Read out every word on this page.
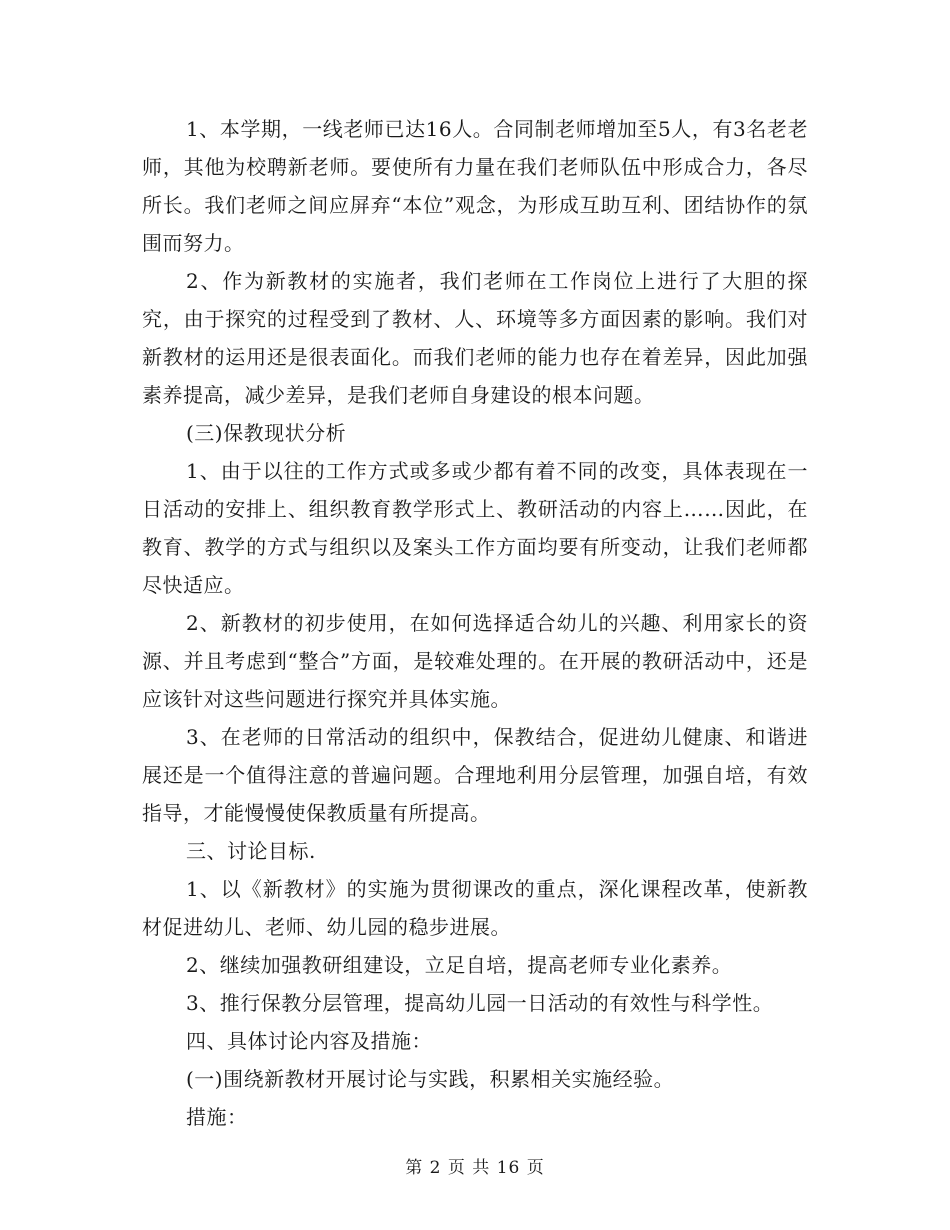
1、本学期，一线老师已达16人。合同制老师增加至5人，有3名老老师，其他为校聘新老师。要使所有力量在我们老师队伍中形成合力，各尽所长。我们老师之间应屏弃“本位”观念，为形成互助互利、团结协作的氛围而努力。

2、作为新教材的实施者，我们老师在工作岗位上进行了大胆的探究，由于探究的过程受到了教材、人、环境等多方面因素的影响。我们对新教材的运用还是很表面化。而我们老师的能力也存在着差异，因此加强素养提高，减少差异，是我们老师自身建设的根本问题。

(三)保教现状分析

1、由于以往的工作方式或多或少都有着不同的改变，具体表现在一日活动的安排上、组织教育教学形式上、教研活动的内容上……因此，在教育、教学的方式与组织以及案头工作方面均要有所变动，让我们老师都尽快适应。

2、新教材的初步使用，在如何选择适合幼儿的兴趣、利用家长的资源、并且考虑到“整合”方面，是较难处理的。在开展的教研活动中，还是应该针对这些问题进行探究并具体实施。

3、在老师的日常活动的组织中，保教结合，促进幼儿健康、和谐进展还是一个值得注意的普遍问题。合理地利用分层管理，加强自培，有效指导，才能慢慢使保教质量有所提高。

三、讨论目标.

1、以《新教材》的实施为贯彻课改的重点，深化课程改革，使新教材促进幼儿、老师、幼儿园的稳步进展。

2、继续加强教研组建设，立足自培，提高老师专业化素养。

3、推行保教分层管理，提高幼儿园一日活动的有效性与科学性。

四、具体讨论内容及措施：

(一)围绕新教材开展讨论与实践，积累相关实施经验。

措施：

第 2 页 共 16 页
